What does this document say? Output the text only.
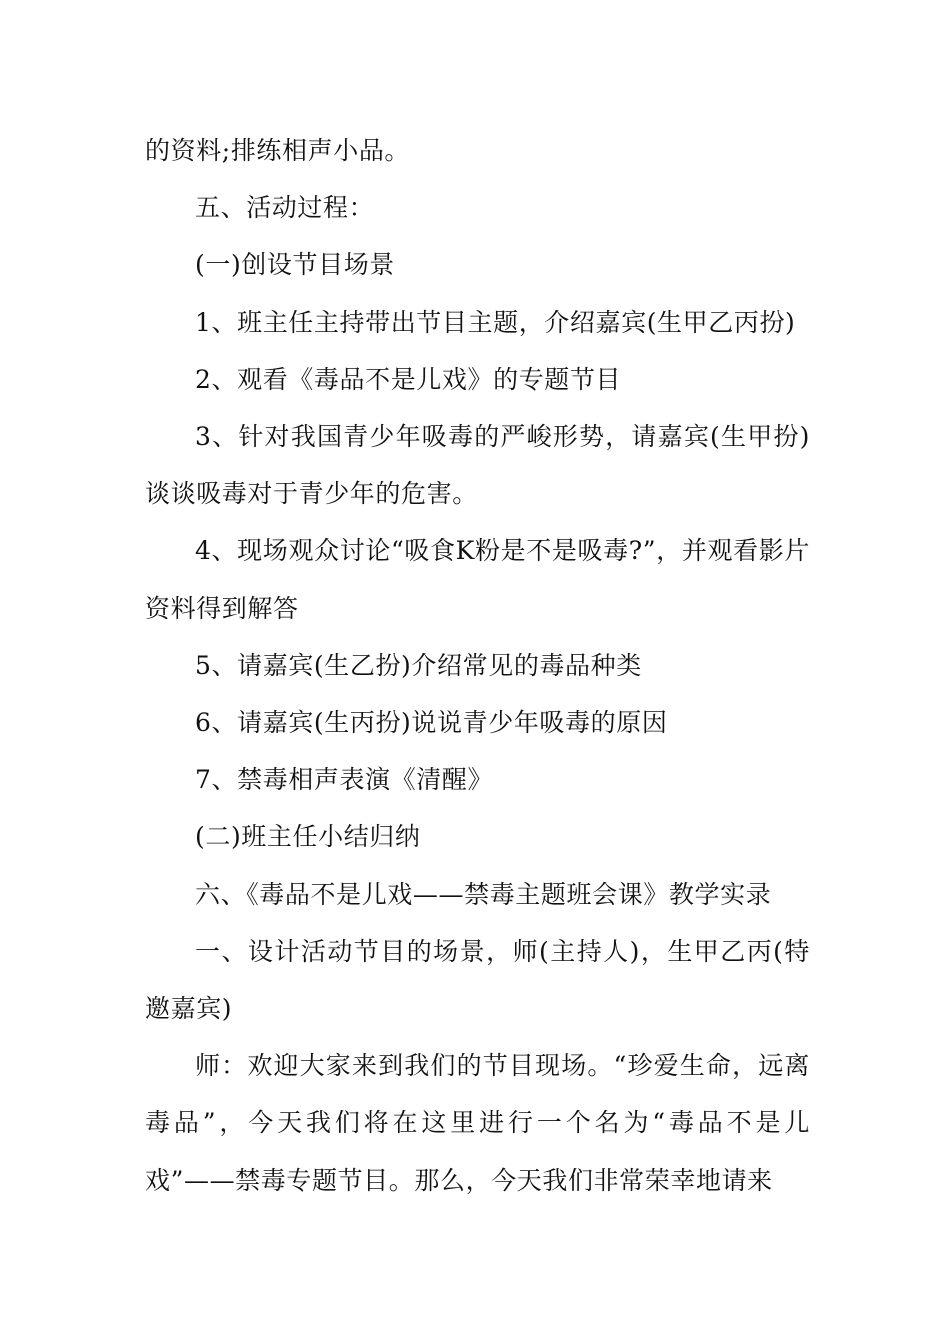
的资料;排练相声小品。

五、活动过程：

(一)创设节目场景

1、班主任主持带出节目主题，介绍嘉宾(生甲乙丙扮)

2、观看《毒品不是儿戏》的专题节目

3、针对我国青少年吸毒的严峻形势，请嘉宾(生甲扮)谈谈吸毒对于青少年的危害。

4、现场观众讨论“吸食K粉是不是吸毒?”，并观看影片资料得到解答

5、请嘉宾(生乙扮)介绍常见的毒品种类

6、请嘉宾(生丙扮)说说青少年吸毒的原因

7、禁毒相声表演《清醒》

(二)班主任小结归纳

六、《毒品不是儿戏——禁毒主题班会课》教学实录

一、设计活动节目的场景，师(主持人)，生甲乙丙(特邀嘉宾)

师：欢迎大家来到我们的节目现场。“珍爱生命，远离毒品”，今天我们将在这里进行一个名为“毒品不是儿戏”——禁毒专题节目。那么，今天我们非常荣幸地请来
